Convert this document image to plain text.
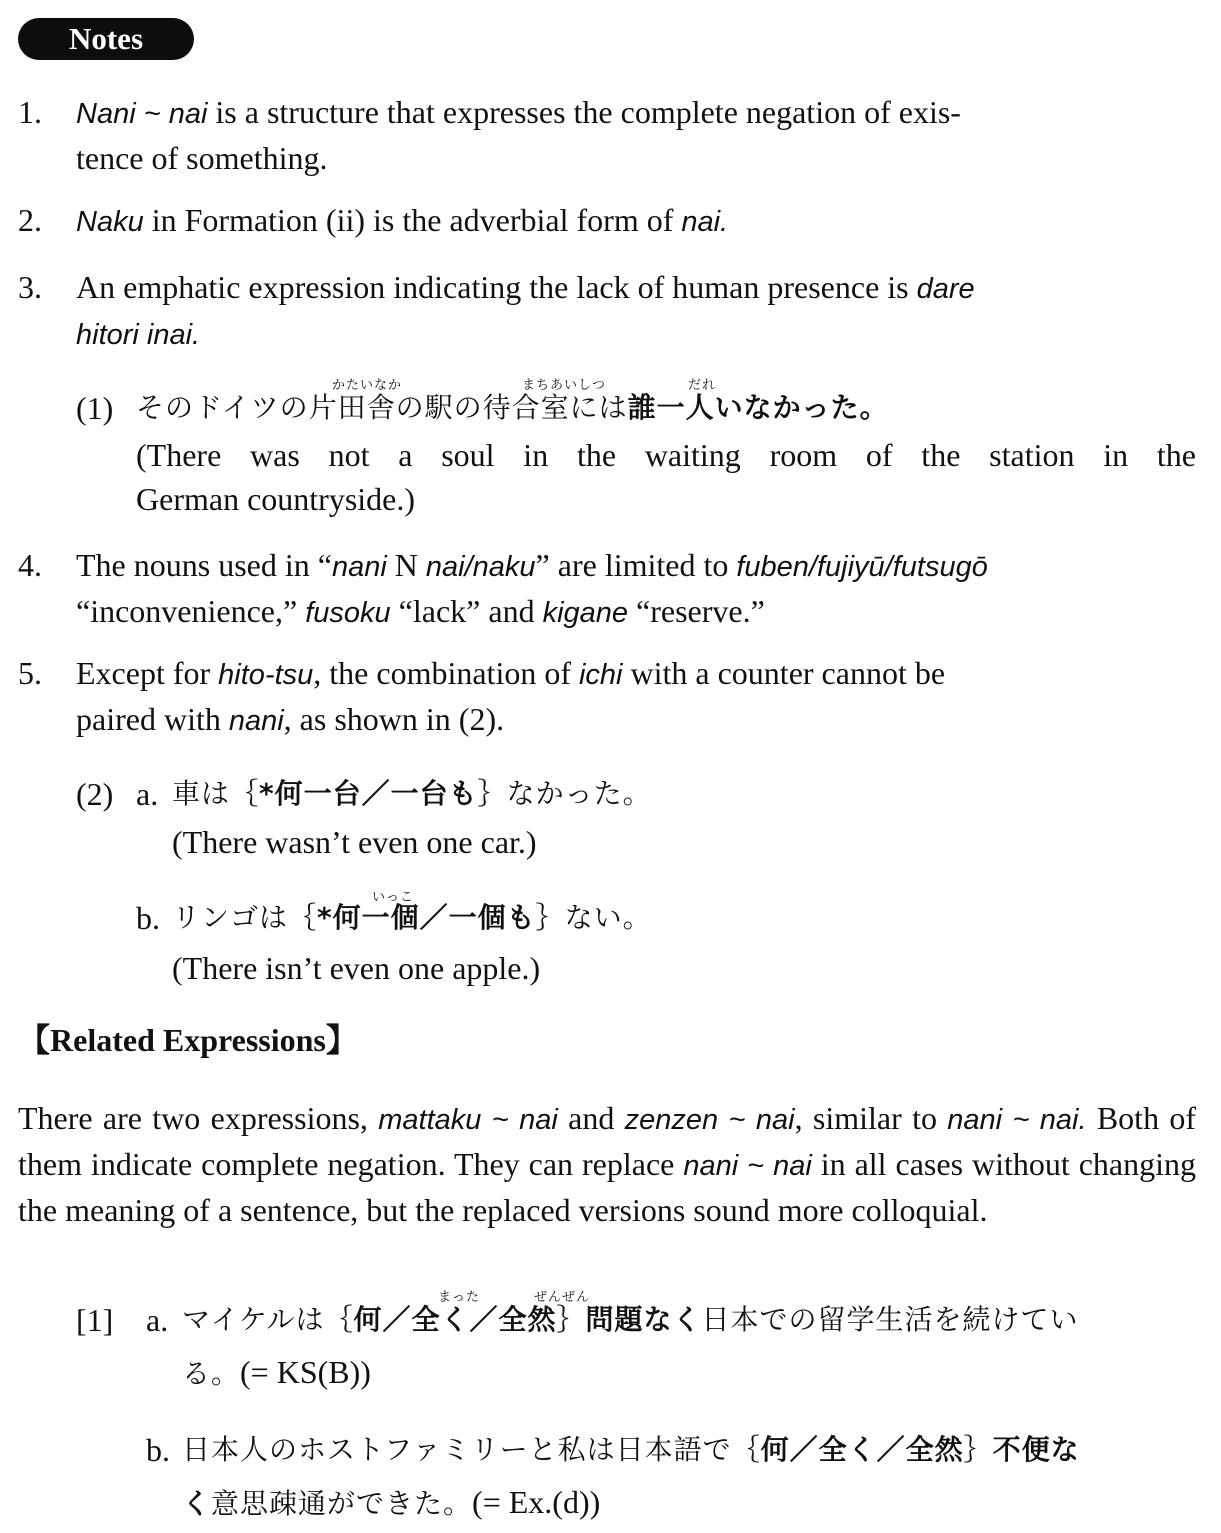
Notes
1. Nani ~ nai is a structure that expresses the complete negation of exis-
tence of something.
2. Naku in Formation (ii) is the adverbial form of nai.
3. An emphatic expression indicating the lack of human presence is dare
hitori inai.
(1) そのドイツの片田舎の駅の待合室には誰一人いなかった。
かたいなか	まちあいしつ	だれ
(There was not a soul in the waiting room of the station in the
German countryside.)
4. The nouns used in “nani N nai/naku” are limited to fuben/fujiyū/futsugō
“inconvenience,” fusoku “lack” and kigane “reserve.”
5. Except for hito-tsu, the combination of ichi with a counter cannot be
paired with nani, as shown in (2).
(2) a. 車は｛*何一台／一台も｝なかった。
(There wasn’t even one car.)
b. リンゴは｛*何一個／一個も｝ない。
いっこ
(There isn’t even one apple.)
【Related Expressions】
There are two expressions, mattaku ~ nai and zenzen ~ nai, similar to nani ~ nai. Both of them indicate complete negation. They can replace nani ~ nai in all cases without changing the meaning of a sentence, but the replaced versions sound more colloquial.
[1] a. マイケルは｛何／全く／全然｝問題なく日本での留学生活を続けてい
まった	ぜんぜん
る。(= KS(B))
b. 日本人のホストファミリーと私は日本語で｛何／全く／全然｝不便な
く意思疎通ができた。(= Ex.(d))
